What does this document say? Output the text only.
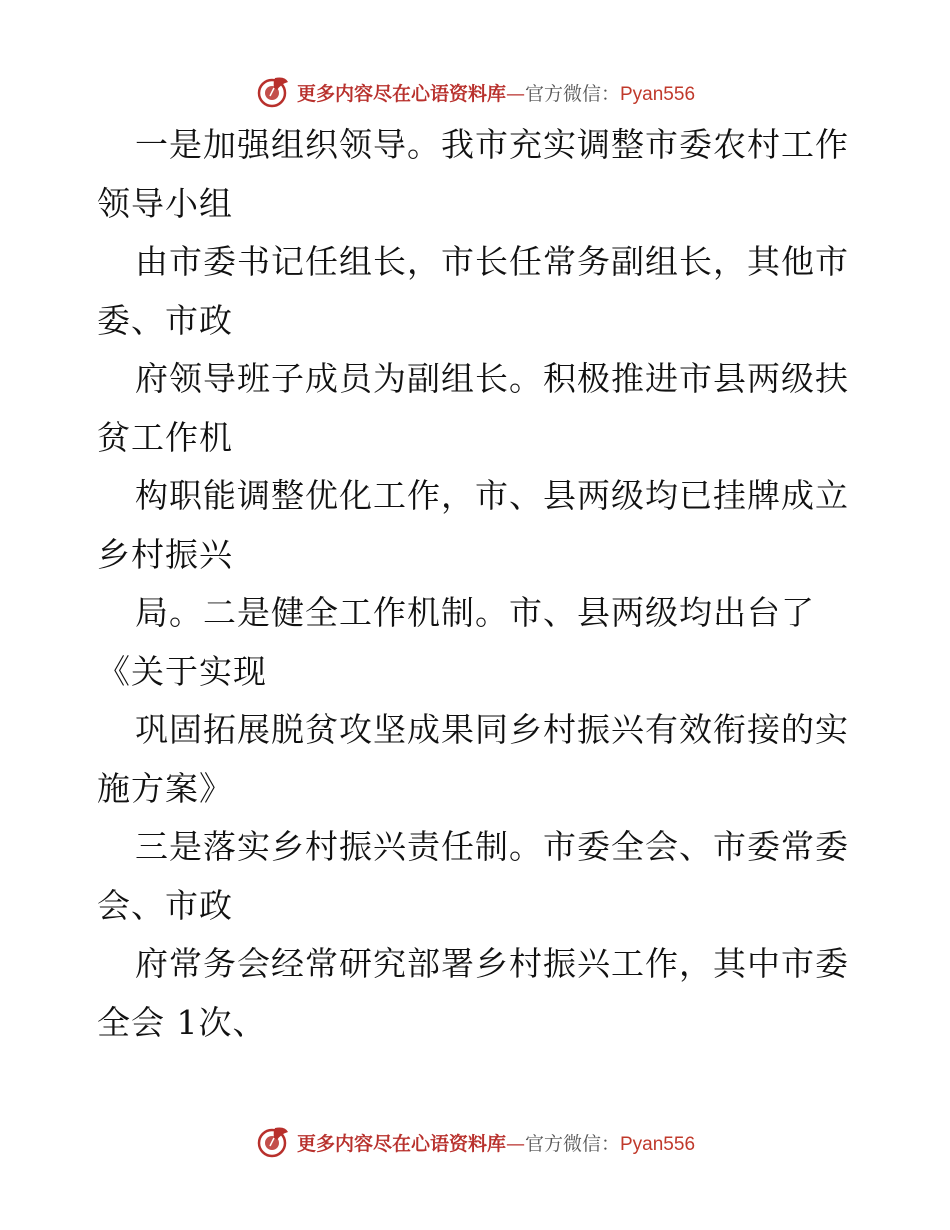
更多内容尽在心语资料库 — 官方微信： Pyan556
一是加强组织领导。我市充实调整市委农村工作
领导小组
由市委书记任组长，市长任常务副组长，其他市
委、市政
府领导班子成员为副组长。积极推进市县两级扶
贫工作机
构职能调整优化工作，市、县两级均已挂牌成立
乡村振兴
局。二是健全工作机制。市、县两级均出台了
《关于实现
巩固拓展脱贫攻坚成果同乡村振兴有效衔接的实
施方案》
三是落实乡村振兴责任制。市委全会、市委常委
会、市政
府常务会经常研究部署乡村振兴工作，其中市委
全会 1次、
更多内容尽在心语资料库 — 官方微信： Pyan556
